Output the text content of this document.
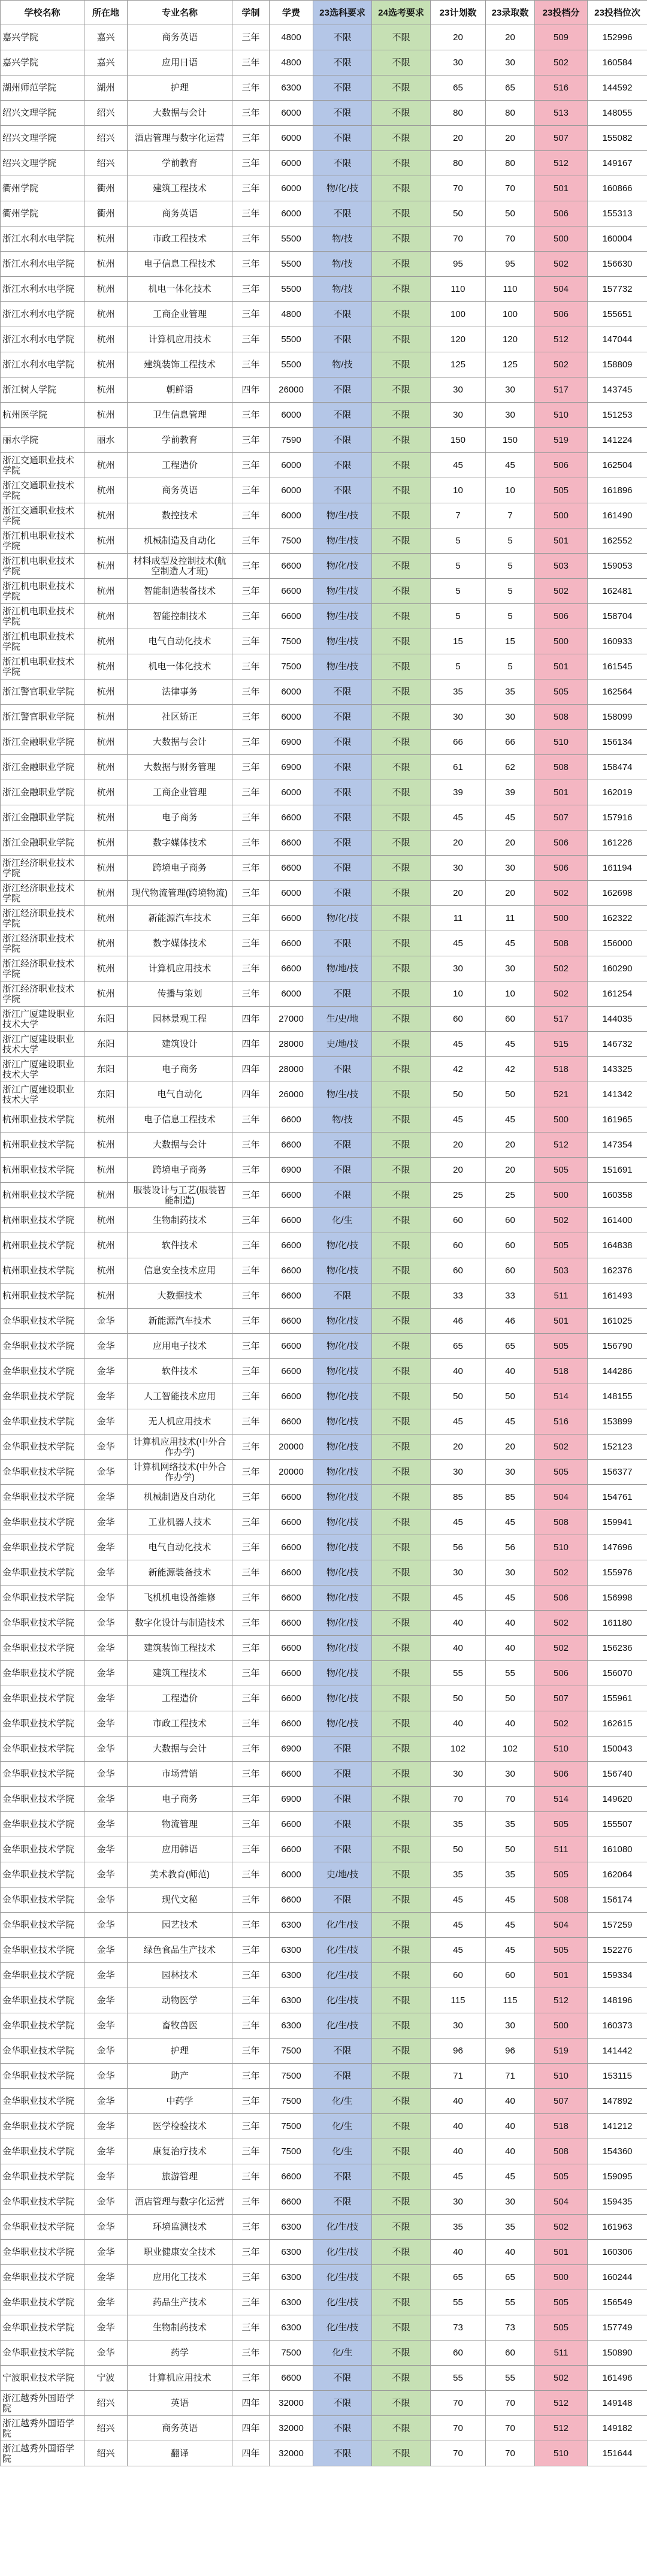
学校名称	所在地	专业名称	学制	学费	23选科要求	24选考要求	23计划数	23录取数	23投档分	23投档位次
嘉兴学院	嘉兴	商务英语	三年	4800	不限	不限	20	20	509	152996
嘉兴学院	嘉兴	应用日语	三年	4800	不限	不限	30	30	502	160584
湖州师范学院	湖州	护理	三年	6300	不限	不限	65	65	516	144592
绍兴文理学院	绍兴	大数据与会计	三年	6000	不限	不限	80	80	513	148055
绍兴文理学院	绍兴	酒店管理与数字化运营	三年	6000	不限	不限	20	20	507	155082
绍兴文理学院	绍兴	学前教育	三年	6000	不限	不限	80	80	512	149167
衢州学院	衢州	建筑工程技术	三年	6000	物/化/技	不限	70	70	501	160866
衢州学院	衢州	商务英语	三年	6000	不限	不限	50	50	506	155313
浙江水利水电学院	杭州	市政工程技术	三年	5500	物/技	不限	70	70	500	160004
浙江水利水电学院	杭州	电子信息工程技术	三年	5500	物/技	不限	95	95	502	156630
浙江水利水电学院	杭州	机电一体化技术	三年	5500	物/技	不限	110	110	504	157732
浙江水利水电学院	杭州	工商企业管理	三年	4800	不限	不限	100	100	506	155651
浙江水利水电学院	杭州	计算机应用技术	三年	5500	不限	不限	120	120	512	147044
浙江水利水电学院	杭州	建筑装饰工程技术	三年	5500	物/技	不限	125	125	502	158809
浙江树人学院	杭州	朝鲜语	四年	26000	不限	不限	30	30	517	143745
杭州医学院	杭州	卫生信息管理	三年	6000	不限	不限	30	30	510	151253
丽水学院	丽水	学前教育	三年	7590	不限	不限	150	150	519	141224
浙江交通职业技术学院	杭州	工程造价	三年	6000	不限	不限	45	45	506	162504
浙江交通职业技术学院	杭州	商务英语	三年	6000	不限	不限	10	10	505	161896
浙江交通职业技术学院	杭州	数控技术	三年	6000	物/生/技	不限	7	7	500	161490
浙江机电职业技术学院	杭州	机械制造及自动化	三年	7500	物/生/技	不限	5	5	501	162552
浙江机电职业技术学院	杭州	材料成型及控制技术(航空制造人才班)	三年	6600	物/化/技	不限	5	5	503	159053
浙江机电职业技术学院	杭州	智能制造装备技术	三年	6600	物/生/技	不限	5	5	502	162481
浙江机电职业技术学院	杭州	智能控制技术	三年	6600	物/生/技	不限	5	5	506	158704
浙江机电职业技术学院	杭州	电气自动化技术	三年	7500	物/生/技	不限	15	15	500	160933
浙江机电职业技术学院	杭州	机电一体化技术	三年	7500	物/生/技	不限	5	5	501	161545
浙江警官职业学院	杭州	法律事务	三年	6000	不限	不限	35	35	505	162564
浙江警官职业学院	杭州	社区矫正	三年	6000	不限	不限	30	30	508	158099
浙江金融职业学院	杭州	大数据与会计	三年	6900	不限	不限	66	66	510	156134
浙江金融职业学院	杭州	大数据与财务管理	三年	6900	不限	不限	61	62	508	158474
浙江金融职业学院	杭州	工商企业管理	三年	6000	不限	不限	39	39	501	162019
浙江金融职业学院	杭州	电子商务	三年	6600	不限	不限	45	45	507	157916
浙江金融职业学院	杭州	数字媒体技术	三年	6600	不限	不限	20	20	506	161226
浙江经济职业技术学院	杭州	跨境电子商务	三年	6600	不限	不限	30	30	506	161194
浙江经济职业技术学院	杭州	现代物流管理(跨境物流)	三年	6000	不限	不限	20	20	502	162698
浙江经济职业技术学院	杭州	新能源汽车技术	三年	6600	物/化/技	不限	11	11	500	162322
浙江经济职业技术学院	杭州	数字媒体技术	三年	6600	不限	不限	45	45	508	156000
浙江经济职业技术学院	杭州	计算机应用技术	三年	6600	物/地/技	不限	30	30	502	160290
浙江经济职业技术学院	杭州	传播与策划	三年	6000	不限	不限	10	10	502	161254
浙江广厦建设职业技术大学	东阳	园林景观工程	四年	27000	生/史/地	不限	60	60	517	144035
浙江广厦建设职业技术大学	东阳	建筑设计	四年	28000	史/地/技	不限	45	45	515	146732
浙江广厦建设职业技术大学	东阳	电子商务	四年	28000	不限	不限	42	42	518	143325
浙江广厦建设职业技术大学	东阳	电气自动化	四年	26000	物/生/技	不限	50	50	521	141342
杭州职业技术学院	杭州	电子信息工程技术	三年	6600	物/技	不限	45	45	500	161965
杭州职业技术学院	杭州	大数据与会计	三年	6600	不限	不限	20	20	512	147354
杭州职业技术学院	杭州	跨境电子商务	三年	6900	不限	不限	20	20	505	151691
杭州职业技术学院	杭州	服装设计与工艺(服装智能制造)	三年	6600	不限	不限	25	25	500	160358
杭州职业技术学院	杭州	生物制药技术	三年	6600	化/生	不限	60	60	502	161400
杭州职业技术学院	杭州	软件技术	三年	6600	物/化/技	不限	60	60	505	164838
杭州职业技术学院	杭州	信息安全技术应用	三年	6600	物/化/技	不限	60	60	503	162376
杭州职业技术学院	杭州	大数据技术	三年	6600	不限	不限	33	33	511	161493
金华职业技术学院	金华	新能源汽车技术	三年	6600	物/化/技	不限	46	46	501	161025
金华职业技术学院	金华	应用电子技术	三年	6600	物/化/技	不限	65	65	505	156790
金华职业技术学院	金华	软件技术	三年	6600	物/化/技	不限	40	40	518	144286
金华职业技术学院	金华	人工智能技术应用	三年	6600	物/化/技	不限	50	50	514	148155
金华职业技术学院	金华	无人机应用技术	三年	6600	物/化/技	不限	45	45	516	153899
金华职业技术学院	金华	计算机应用技术(中外合作办学)	三年	20000	物/化/技	不限	20	20	502	152123
金华职业技术学院	金华	计算机网络技术(中外合作办学)	三年	20000	物/化/技	不限	30	30	505	156377
金华职业技术学院	金华	机械制造及自动化	三年	6600	物/化/技	不限	85	85	504	154761
金华职业技术学院	金华	工业机器人技术	三年	6600	物/化/技	不限	45	45	508	159941
金华职业技术学院	金华	电气自动化技术	三年	6600	物/化/技	不限	56	56	510	147696
金华职业技术学院	金华	新能源装备技术	三年	6600	物/化/技	不限	30	30	502	155976
金华职业技术学院	金华	飞机机电设备维修	三年	6600	物/化/技	不限	45	45	506	156998
金华职业技术学院	金华	数字化设计与制造技术	三年	6600	物/化/技	不限	40	40	502	161180
金华职业技术学院	金华	建筑装饰工程技术	三年	6600	物/化/技	不限	40	40	502	156236
金华职业技术学院	金华	建筑工程技术	三年	6600	物/化/技	不限	55	55	506	156070
金华职业技术学院	金华	工程造价	三年	6600	物/化/技	不限	50	50	507	155961
金华职业技术学院	金华	市政工程技术	三年	6600	物/化/技	不限	40	40	502	162615
金华职业技术学院	金华	大数据与会计	三年	6900	不限	不限	102	102	510	150043
金华职业技术学院	金华	市场营销	三年	6600	不限	不限	30	30	506	156740
金华职业技术学院	金华	电子商务	三年	6900	不限	不限	70	70	514	149620
金华职业技术学院	金华	物流管理	三年	6600	不限	不限	35	35	505	155507
金华职业技术学院	金华	应用韩语	三年	6600	不限	不限	50	50	511	161080
金华职业技术学院	金华	美术教育(师范)	三年	6000	史/地/技	不限	35	35	505	162064
金华职业技术学院	金华	现代文秘	三年	6600	不限	不限	45	45	508	156174
金华职业技术学院	金华	园艺技术	三年	6300	化/生/技	不限	45	45	504	157259
金华职业技术学院	金华	绿色食品生产技术	三年	6300	化/生/技	不限	45	45	505	152276
金华职业技术学院	金华	园林技术	三年	6300	化/生/技	不限	60	60	501	159334
金华职业技术学院	金华	动物医学	三年	6300	化/生/技	不限	115	115	512	148196
金华职业技术学院	金华	畜牧兽医	三年	6300	化/生/技	不限	30	30	500	160373
金华职业技术学院	金华	护理	三年	7500	不限	不限	96	96	519	141442
金华职业技术学院	金华	助产	三年	7500	不限	不限	71	71	510	153115
金华职业技术学院	金华	中药学	三年	7500	化/生	不限	40	40	507	147892
金华职业技术学院	金华	医学检验技术	三年	7500	化/生	不限	40	40	518	141212
金华职业技术学院	金华	康复治疗技术	三年	7500	化/生	不限	40	40	508	154360
金华职业技术学院	金华	旅游管理	三年	6600	不限	不限	45	45	505	159095
金华职业技术学院	金华	酒店管理与数字化运营	三年	6600	不限	不限	30	30	504	159435
金华职业技术学院	金华	环境监测技术	三年	6300	化/生/技	不限	35	35	502	161963
金华职业技术学院	金华	职业健康安全技术	三年	6300	化/生/技	不限	40	40	501	160306
金华职业技术学院	金华	应用化工技术	三年	6300	化/生/技	不限	65	65	500	160244
金华职业技术学院	金华	药品生产技术	三年	6300	化/生/技	不限	55	55	505	156549
金华职业技术学院	金华	生物制药技术	三年	6300	化/生/技	不限	73	73	505	157749
金华职业技术学院	金华	药学	三年	7500	化/生	不限	60	60	511	150890
宁波职业技术学院	宁波	计算机应用技术	三年	6600	不限	不限	55	55	502	161496
浙江越秀外国语学院	绍兴	英语	四年	32000	不限	不限	70	70	512	149148
浙江越秀外国语学院	绍兴	商务英语	四年	32000	不限	不限	70	70	512	149182
浙江越秀外国语学院	绍兴	翻译	四年	32000	不限	不限	70	70	510	151644
